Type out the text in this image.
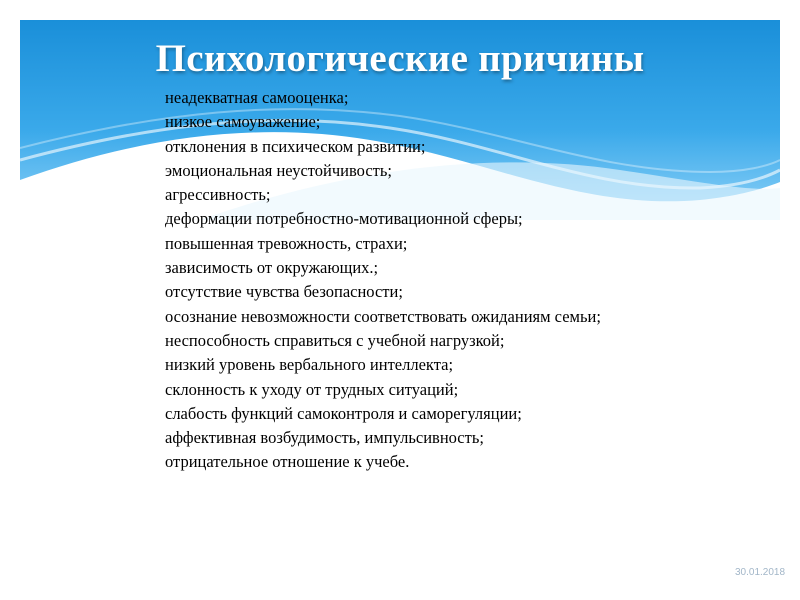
Психологические причины
неадекватная самооценка;
низкое самоуважение;
отклонения в психическом развитии;
эмоциональная неустойчивость;
агрессивность;
деформации потребностно-мотивационной сферы;
повышенная тревожность, страхи;
зависимость от окружающих.;
отсутствие чувства безопасности;
осознание невозможности соответствовать ожиданиям семьи;
неспособность справиться с учебной нагрузкой;
низкий уровень вербального интеллекта;
склонность к уходу от трудных ситуаций;
слабость функций самоконтроля и саморегуляции;
аффективная возбудимость, импульсивность;
отрицательное отношение к учебе.
30.01.2018
